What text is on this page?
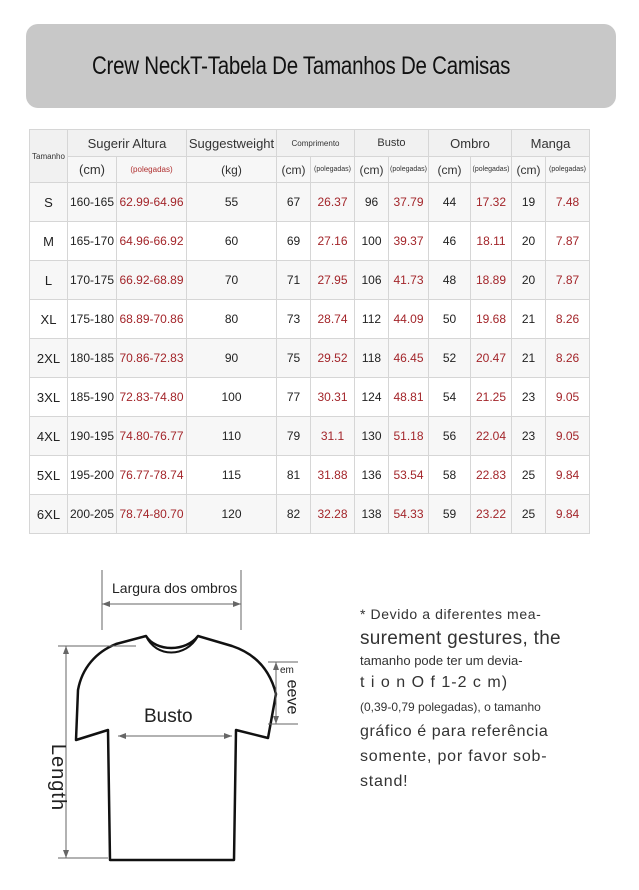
Crew NeckT-Tabela De Tamanhos De Camisas
Tamanho	Sugerir Altura		Suggestweight	Comprimento		Busto		Ombro		Manga	
	(cm)	(polegadas)	(kg)	(cm)	(polegadas)	(cm)	(polegadas)	(cm)	(polegadas)	(cm)	(polegadas)
S	160-165	62.99-64.96	55	67	26.37	96	37.79	44	17.32	19	7.48
M	165-170	64.96-66.92	60	69	27.16	100	39.37	46	18.11	20	7.87
L	170-175	66.92-68.89	70	71	27.95	106	41.73	48	18.89	20	7.87
XL	175-180	68.89-70.86	80	73	28.74	112	44.09	50	19.68	21	8.26
2XL	180-185	70.86-72.83	90	75	29.52	118	46.45	52	20.47	21	8.26
3XL	185-190	72.83-74.80	100	77	30.31	124	48.81	54	21.25	23	9.05
4XL	190-195	74.80-76.77	110	79	31.1	130	51.18	56	22.04	23	9.05
5XL	195-200	76.77-78.74	115	81	31.88	136	53.54	58	22.83	25	9.84
6XL	200-205	78.74-80.70	120	82	32.28	138	54.33	59	23.22	25	9.84
Largura dos ombros
Busto
Length
em
eeve
* Devido a diferentes mea-
surement gestures, the
tamanho pode ter um devia-
t i o n O f 1-2 c m)
(0,39-0,79 polegadas), o tamanho
gráfico é para referência
somente, por favor sob-
stand!
